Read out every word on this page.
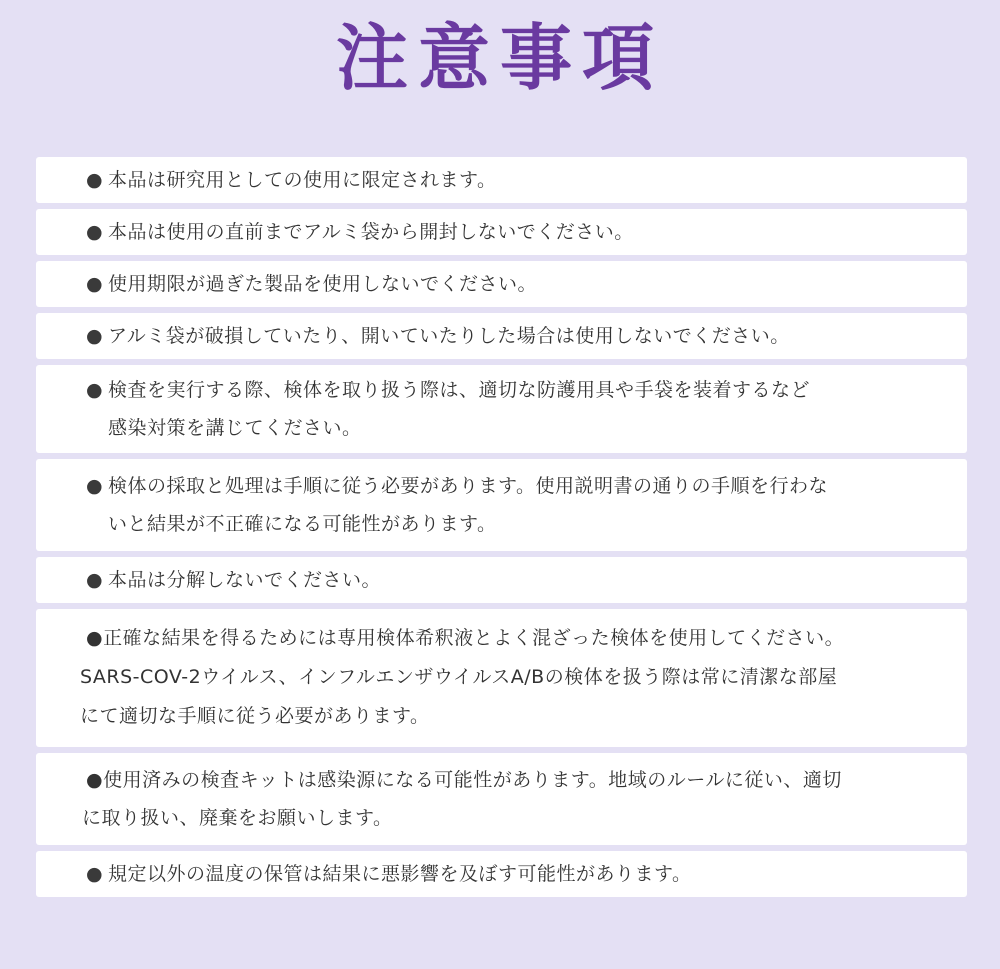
注意事項
● 本品は研究用としての使用に限定されます。
● 本品は使用の直前までアルミ袋から開封しないでください。
● 使用期限が過ぎた製品を使用しないでください。
● アルミ袋が破損していたり、開いていたりした場合は使用しないでください。
● 検査を実行する際、検体を取り扱う際は、適切な防護用具や手袋を装着するなど
感染対策を講じてください。
● 検体の採取と処理は手順に従う必要があります。使用説明書の通りの手順を行わな
いと結果が不正確になる可能性があります。
● 本品は分解しないでください。
●正確な結果を得るためには専用検体希釈液とよく混ざった検体を使用してください。
SARS-COV-2ウイルス、インフルエンザウイルスA/Bの検体を扱う際は常に清潔な部屋
にて適切な手順に従う必要があります。
●使用済みの検査キットは感染源になる可能性があります。地域のルールに従い、適切
に取り扱い、廃棄をお願いします。
● 規定以外の温度の保管は結果に悪影響を及ぼす可能性があります。
